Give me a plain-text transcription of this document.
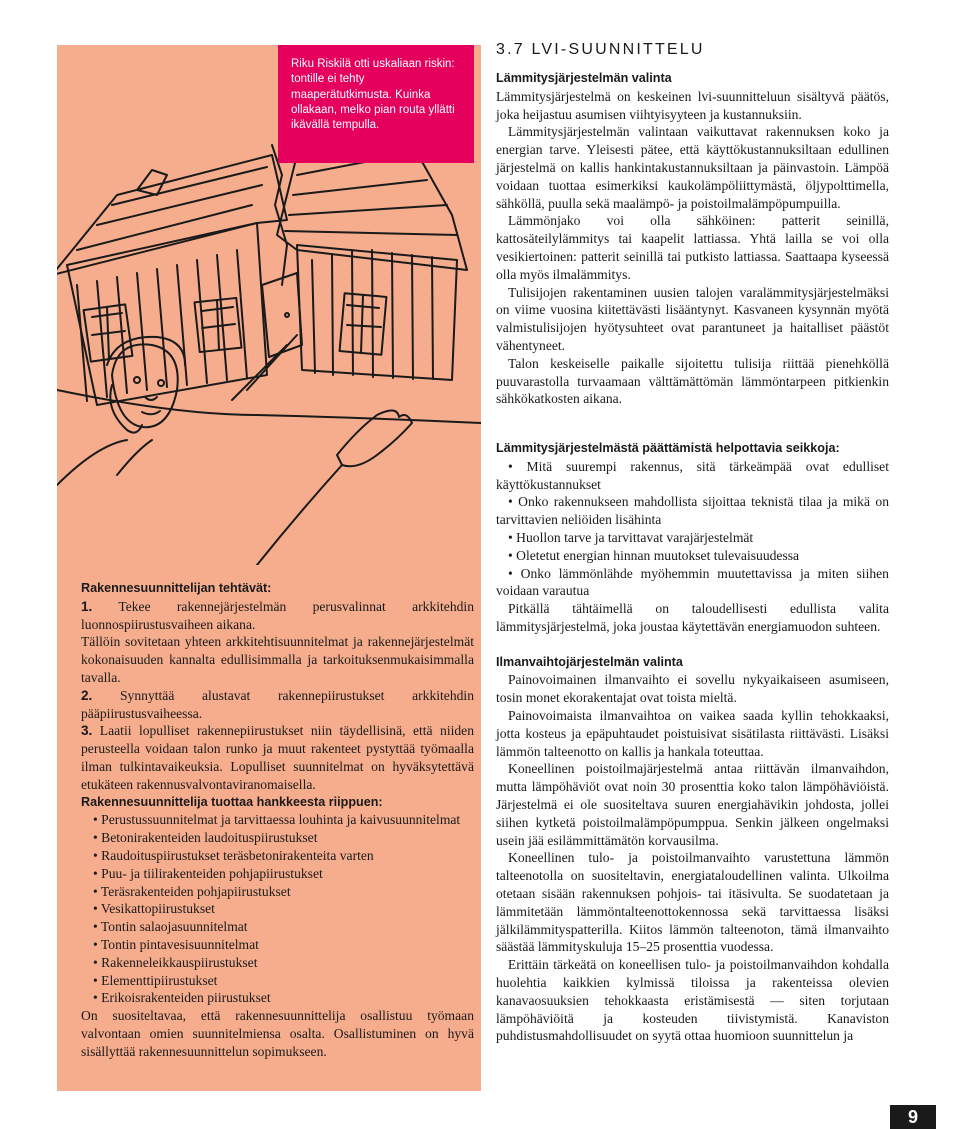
Riku Riskilä otti uskaliaan riskin: tontille ei tehty maaperätutkimusta. Kuinka ollakaan, melko pian routa yllätti ikävällä tempulla.
3.7 LVI-SUUNNITTELU
Lämmitysjärjestelmän valinta

Lämmitysjärjestelmä on keskeinen lvi-suunnitteluun sisältyvä päätös, joka heijastuu asumisen viihtyisyyteen ja kustannuksiin.

Lämmitysjärjestelmän valintaan vaikuttavat rakennuksen koko ja energian tarve. Yleisesti pätee, että käyttökustannuksiltaan edullinen järjestelmä on kallis hankintakustannuksiltaan ja päinvastoin. Lämpöä voidaan tuottaa esimerkiksi kaukolämpöliittymästä, öljypolttimella, sähköllä, puulla sekä maalämpö- ja poistoilmalämpöpumpuilla.

Lämmönjako voi olla sähköinen: patterit seinillä, kattosäteilylämmitys tai kaapelit lattiassa. Yhtä lailla se voi olla vesikiertoinen: patterit seinillä tai putkisto lattiassa. Saattaapa kyseessä olla myös ilmalämmitys.

Tulisijojen rakentaminen uusien talojen varalämmitysjärjestelmäksi on viime vuosina kiitettävästi lisääntynyt. Kasvaneen kysynnän myötä valmistulisijojen hyötysuhteet ovat parantuneet ja haitalliset päästöt vähentyneet.

Talon keskeiselle paikalle sijoitettu tulisija riittää pienehköllä puuvarastolla turvaamaan välttämättömän lämmöntarpeen pitkienkin sähkökatkosten aikana.

Lämmitysjärjestelmästä päättämistä helpottavia seikkoja:
• Mitä suurempi rakennus, sitä tärkeämpää ovat edulliset käyttökustannukset
• Onko rakennukseen mahdollista sijoittaa teknistä tilaa ja mikä on tarvittavien neliöiden lisähinta
• Huollon tarve ja tarvittavat varajärjestelmät
• Oletetut energian hinnan muutokset tulevaisuudessa
• Onko lämmönlähde myöhemmin muutettavissa ja miten siihen voidaan varautua

Pitkällä tähtäimellä on taloudellisesti edullista valita lämmitysjärjestelmä, joka joustaa käytettävän energiamuodon suhteen.

Ilmanvaihtojärjestelmän valinta

Painovoimainen ilmanvaihto ei sovellu nykyaikaiseen asumiseen, tosin monet ekorakentajat ovat toista mieltä.

Painovoimaista ilmanvaihtoa on vaikea saada kyllin tehokkaaksi, jotta kosteus ja epäpuhtaudet poistuisivat sisätilasta riittävästi. Lisäksi lämmön talteenotto on kallis ja hankala toteuttaa.

Koneellinen poistoilmajärjestelmä antaa riittävän ilmanvaihdon, mutta lämpöhäviöt ovat noin 30 prosenttia koko talon lämpöhäviöistä. Järjestelmä ei ole suositeltava suuren energiahävikin johdosta, jollei siihen kytketä poistoilmalämpöpumppua. Senkin jälkeen ongelmaksi usein jää esilämmittämätön korvausilma.

Koneellinen tulo- ja poistoilmanvaihto varustettuna lämmön talteenotolla on suositeltavin, energiataloudellinen valinta. Ulkoilma otetaan sisään rakennuksen pohjois- tai itäsivulta. Se suodatetaan ja lämmitetään lämmöntalteenottokennossa sekä tarvittaessa lisäksi jälkilämmityspatterilla. Kiitos lämmön talteenoton, tämä ilmanvaihto säästää lämmityskuluja 15–25 prosenttia vuodessa.

Erittäin tärkeätä on koneellisen tulo- ja poistoilmanvaihdon kohdalla huolehtia kaikkien kylmissä tiloissa ja rakenteissa olevien kanavaosuuksien tehokkaasta eristämisestä — siten torjutaan lämpöhäviöitä ja kosteuden tiivistymistä. Kanaviston puhdistusmahdollisuudet on syytä ottaa huomioon suunnittelun ja

Rakennesuunnittelijan tehtävät:

1. Tekee rakennejärjestelmän perusvalinnat arkkitehdin luonnospiirustusvaiheen aikana.

Tällöin sovitetaan yhteen arkkitehtisuunnitelmat ja rakennejärjestelmät kokonaisuuden kannalta edullisimmalla ja tarkoituksenmukaisimmalla tavalla.

2. Synnyttää alustavat rakennepiirustukset arkkitehdin pääpiirustusvaiheessa.

3. Laatii lopulliset rakennepiirustukset niin täydellisinä, että niiden perusteella voidaan talon runko ja muut rakenteet pystyttää työmaalla ilman tulkintavaikeuksia. Lopulliset suunnitelmat on hyväksytettävä etukäteen rakennusvalvontaviranomaisella.

Rakennesuunnittelija tuottaa hankkeesta riippuen:
• Perustussuunnitelmat ja tarvittaessa louhinta ja kaivusuunnitelmat
• Betonirakenteiden laudoituspiirustukset
• Raudoituspiirustukset teräsbetonirakenteita varten
• Puu- ja tiilirakenteiden pohjapiirustukset
• Teräsrakenteiden pohjapiirustukset
• Vesikattopiirustukset
• Tontin salaojasuunnitelmat
• Tontin pintavesisuunnitelmat
• Rakenneleikkauspiirustukset
• Elementtipiirustukset
• Erikoisrakenteiden piirustukset

On suositeltavaa, että rakennesuunnittelija osallistuu työmaan valvontaan omien suunnitelmiensa osalta. Osallistuminen on hyvä sisällyttää rakennesuunnittelun sopimukseen.

9
